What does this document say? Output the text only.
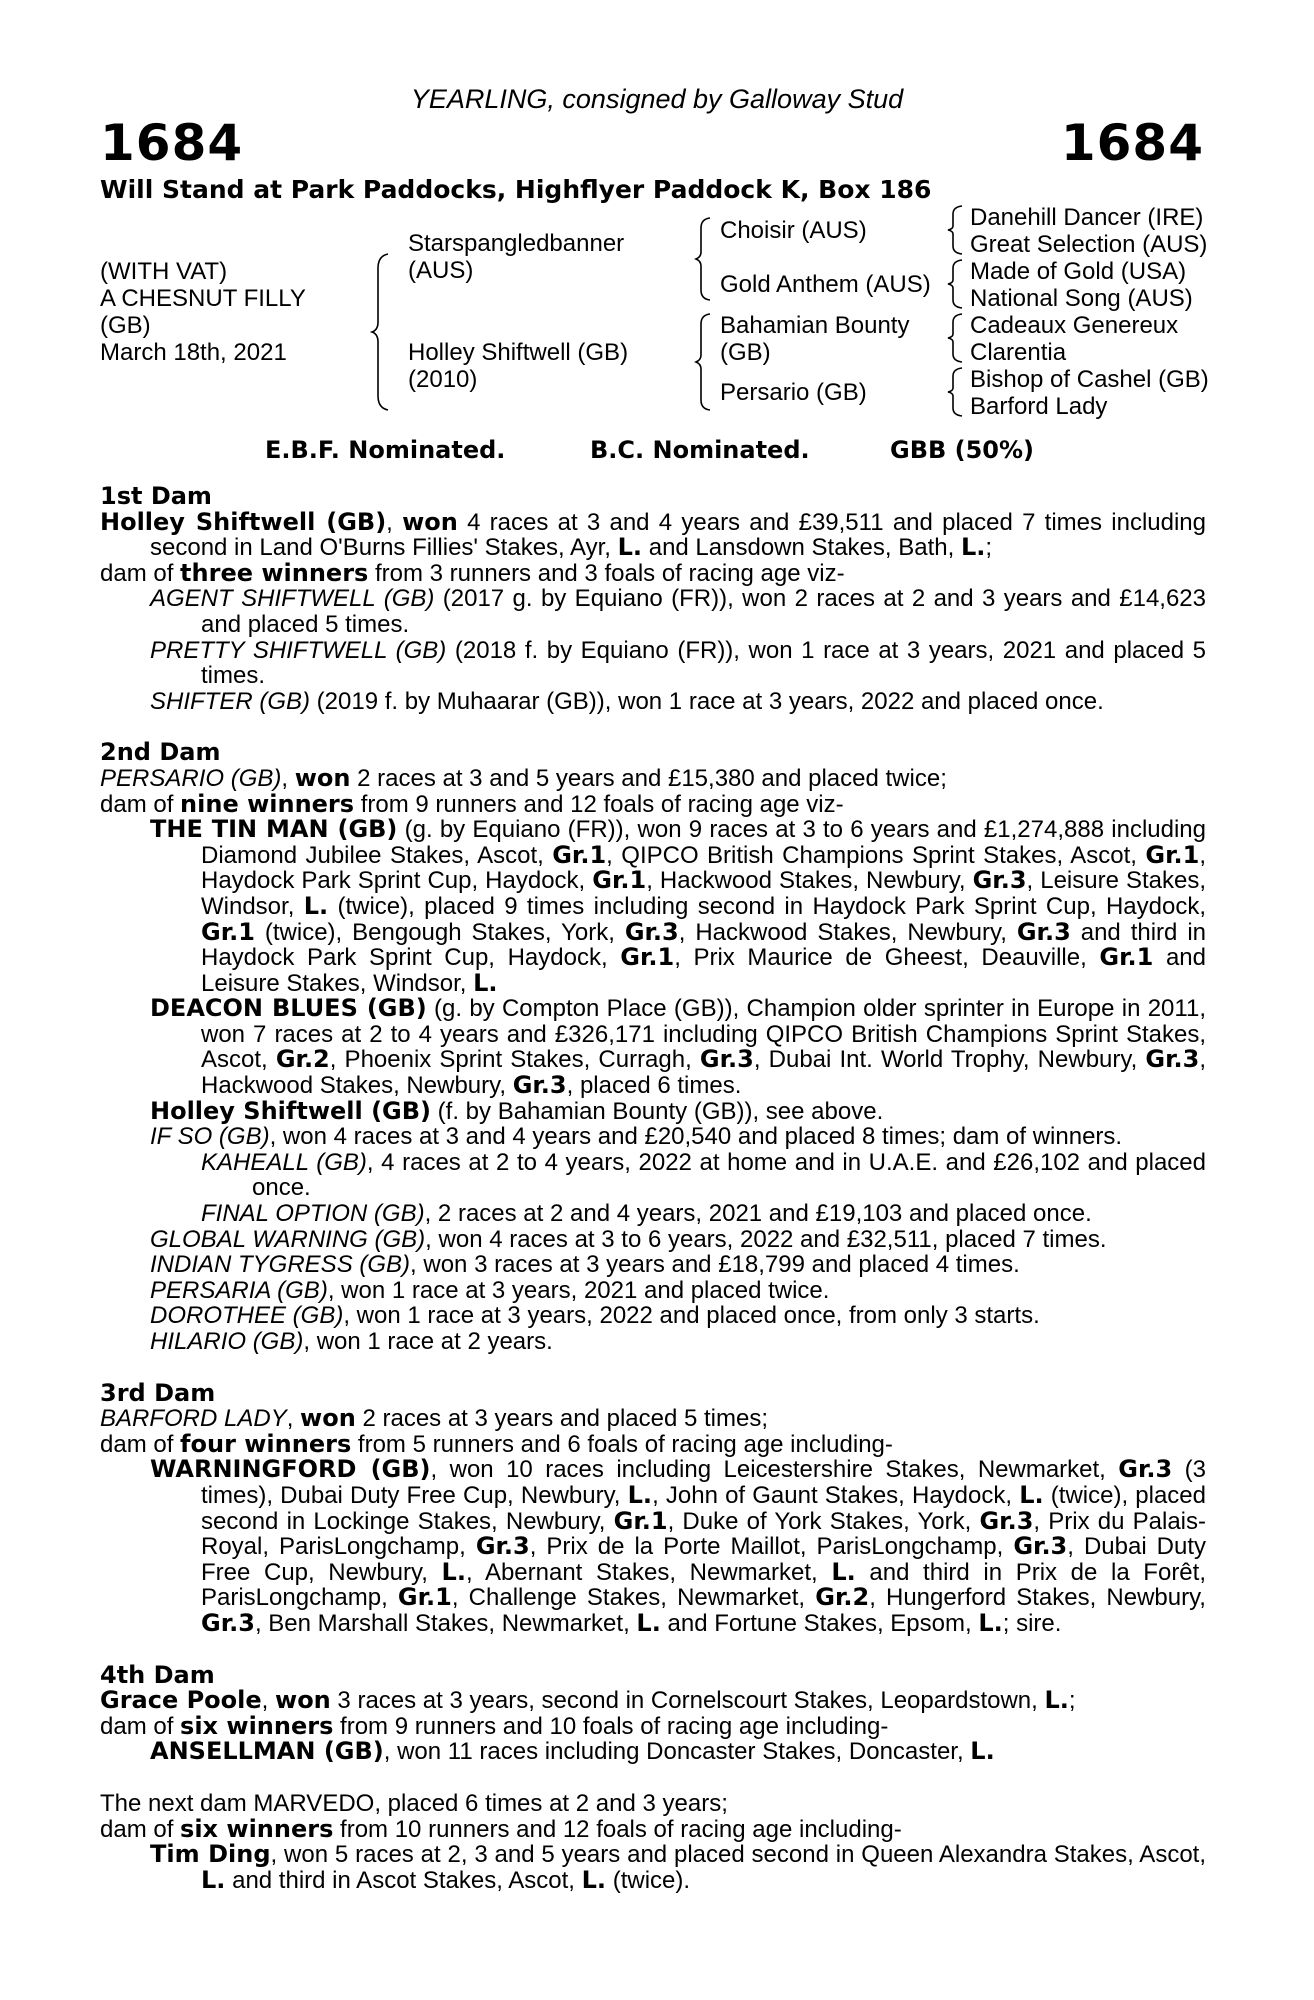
YEARLING, consigned by Galloway Stud
1684	1684
Will Stand at Park Paddocks, Highflyer Paddock K, Box 186
(WITH VAT)
A CHESNUT FILLY
(GB)
March 18th, 2021
Starspangledbanner
(AUS)
Holley Shiftwell (GB)
(2010)
Choisir (AUS)
Gold Anthem (AUS)
Bahamian Bounty
(GB)
Persario (GB)
Danehill Dancer (IRE)
Great Selection (AUS)
Made of Gold (USA)
National Song (AUS)
Cadeaux Genereux
Clarentia
Bishop of Cashel (GB)
Barford Lady
E.B.F. Nominated.	B.C. Nominated.	GBB (50%)

1st Dam

Holley Shiftwell (GB), won 4 races at 3 and 4 years and £39,511 and placed 7 times including second in Land O'Burns Fillies' Stakes, Ayr, L. and Lansdown Stakes, Bath, L.;

dam of three winners from 3 runners and 3 foals of racing age viz-

AGENT SHIFTWELL (GB) (2017 g. by Equiano (FR)), won 2 races at 2 and 3 years and £14,623 and placed 5 times.

PRETTY SHIFTWELL (GB) (2018 f. by Equiano (FR)), won 1 race at 3 years, 2021 and placed 5 times.

SHIFTER (GB) (2019 f. by Muhaarar (GB)), won 1 race at 3 years, 2022 and placed once.

2nd Dam

PERSARIO (GB), won 2 races at 3 and 5 years and £15,380 and placed twice;

dam of nine winners from 9 runners and 12 foals of racing age viz-

THE TIN MAN (GB) (g. by Equiano (FR)), won 9 races at 3 to 6 years and £1,274,888 including Diamond Jubilee Stakes, Ascot, Gr.1, QIPCO British Champions Sprint Stakes, Ascot, Gr.1, Haydock Park Sprint Cup, Haydock, Gr.1, Hackwood Stakes, Newbury, Gr.3, Leisure Stakes, Windsor, L. (twice), placed 9 times including second in Haydock Park Sprint Cup, Haydock, Gr.1 (twice), Bengough Stakes, York, Gr.3, Hackwood Stakes, Newbury, Gr.3 and third in Haydock Park Sprint Cup, Haydock, Gr.1, Prix Maurice de Gheest, Deauville, Gr.1 and Leisure Stakes, Windsor, L.

DEACON BLUES (GB) (g. by Compton Place (GB)), Champion older sprinter in Europe in 2011, won 7 races at 2 to 4 years and £326,171 including QIPCO British Champions Sprint Stakes, Ascot, Gr.2, Phoenix Sprint Stakes, Curragh, Gr.3, Dubai Int. World Trophy, Newbury, Gr.3, Hackwood Stakes, Newbury, Gr.3, placed 6 times.

Holley Shiftwell (GB) (f. by Bahamian Bounty (GB)), see above.

IF SO (GB), won 4 races at 3 and 4 years and £20,540 and placed 8 times; dam of winners.

KAHEALL (GB), 4 races at 2 to 4 years, 2022 at home and in U.A.E. and £26,102 and placed once.

FINAL OPTION (GB), 2 races at 2 and 4 years, 2021 and £19,103 and placed once.

GLOBAL WARNING (GB), won 4 races at 3 to 6 years, 2022 and £32,511, placed 7 times.

INDIAN TYGRESS (GB), won 3 races at 3 years and £18,799 and placed 4 times.

PERSARIA (GB), won 1 race at 3 years, 2021 and placed twice.

DOROTHEE (GB), won 1 race at 3 years, 2022 and placed once, from only 3 starts.

HILARIO (GB), won 1 race at 2 years.

3rd Dam

BARFORD LADY, won 2 races at 3 years and placed 5 times;

dam of four winners from 5 runners and 6 foals of racing age including-

WARNINGFORD (GB), won 10 races including Leicestershire Stakes, Newmarket, Gr.3 (3 times), Dubai Duty Free Cup, Newbury, L., John of Gaunt Stakes, Haydock, L. (twice), placed second in Lockinge Stakes, Newbury, Gr.1, Duke of York Stakes, York, Gr.3, Prix du Palais-Royal, ParisLongchamp, Gr.3, Prix de la Porte Maillot, ParisLongchamp, Gr.3, Dubai Duty Free Cup, Newbury, L., Abernant Stakes, Newmarket, L. and third in Prix de la Forêt, ParisLongchamp, Gr.1, Challenge Stakes, Newmarket, Gr.2, Hungerford Stakes, Newbury, Gr.3, Ben Marshall Stakes, Newmarket, L. and Fortune Stakes, Epsom, L.; sire.

4th Dam

Grace Poole, won 3 races at 3 years, second in Cornelscourt Stakes, Leopardstown, L.;

dam of six winners from 9 runners and 10 foals of racing age including-

ANSELLMAN (GB), won 11 races including Doncaster Stakes, Doncaster, L.

The next dam MARVEDO, placed 6 times at 2 and 3 years;

dam of six winners from 10 runners and 12 foals of racing age including-

Tim Ding, won 5 races at 2, 3 and 5 years and placed second in Queen Alexandra Stakes, Ascot, L. and third in Ascot Stakes, Ascot, L. (twice).
